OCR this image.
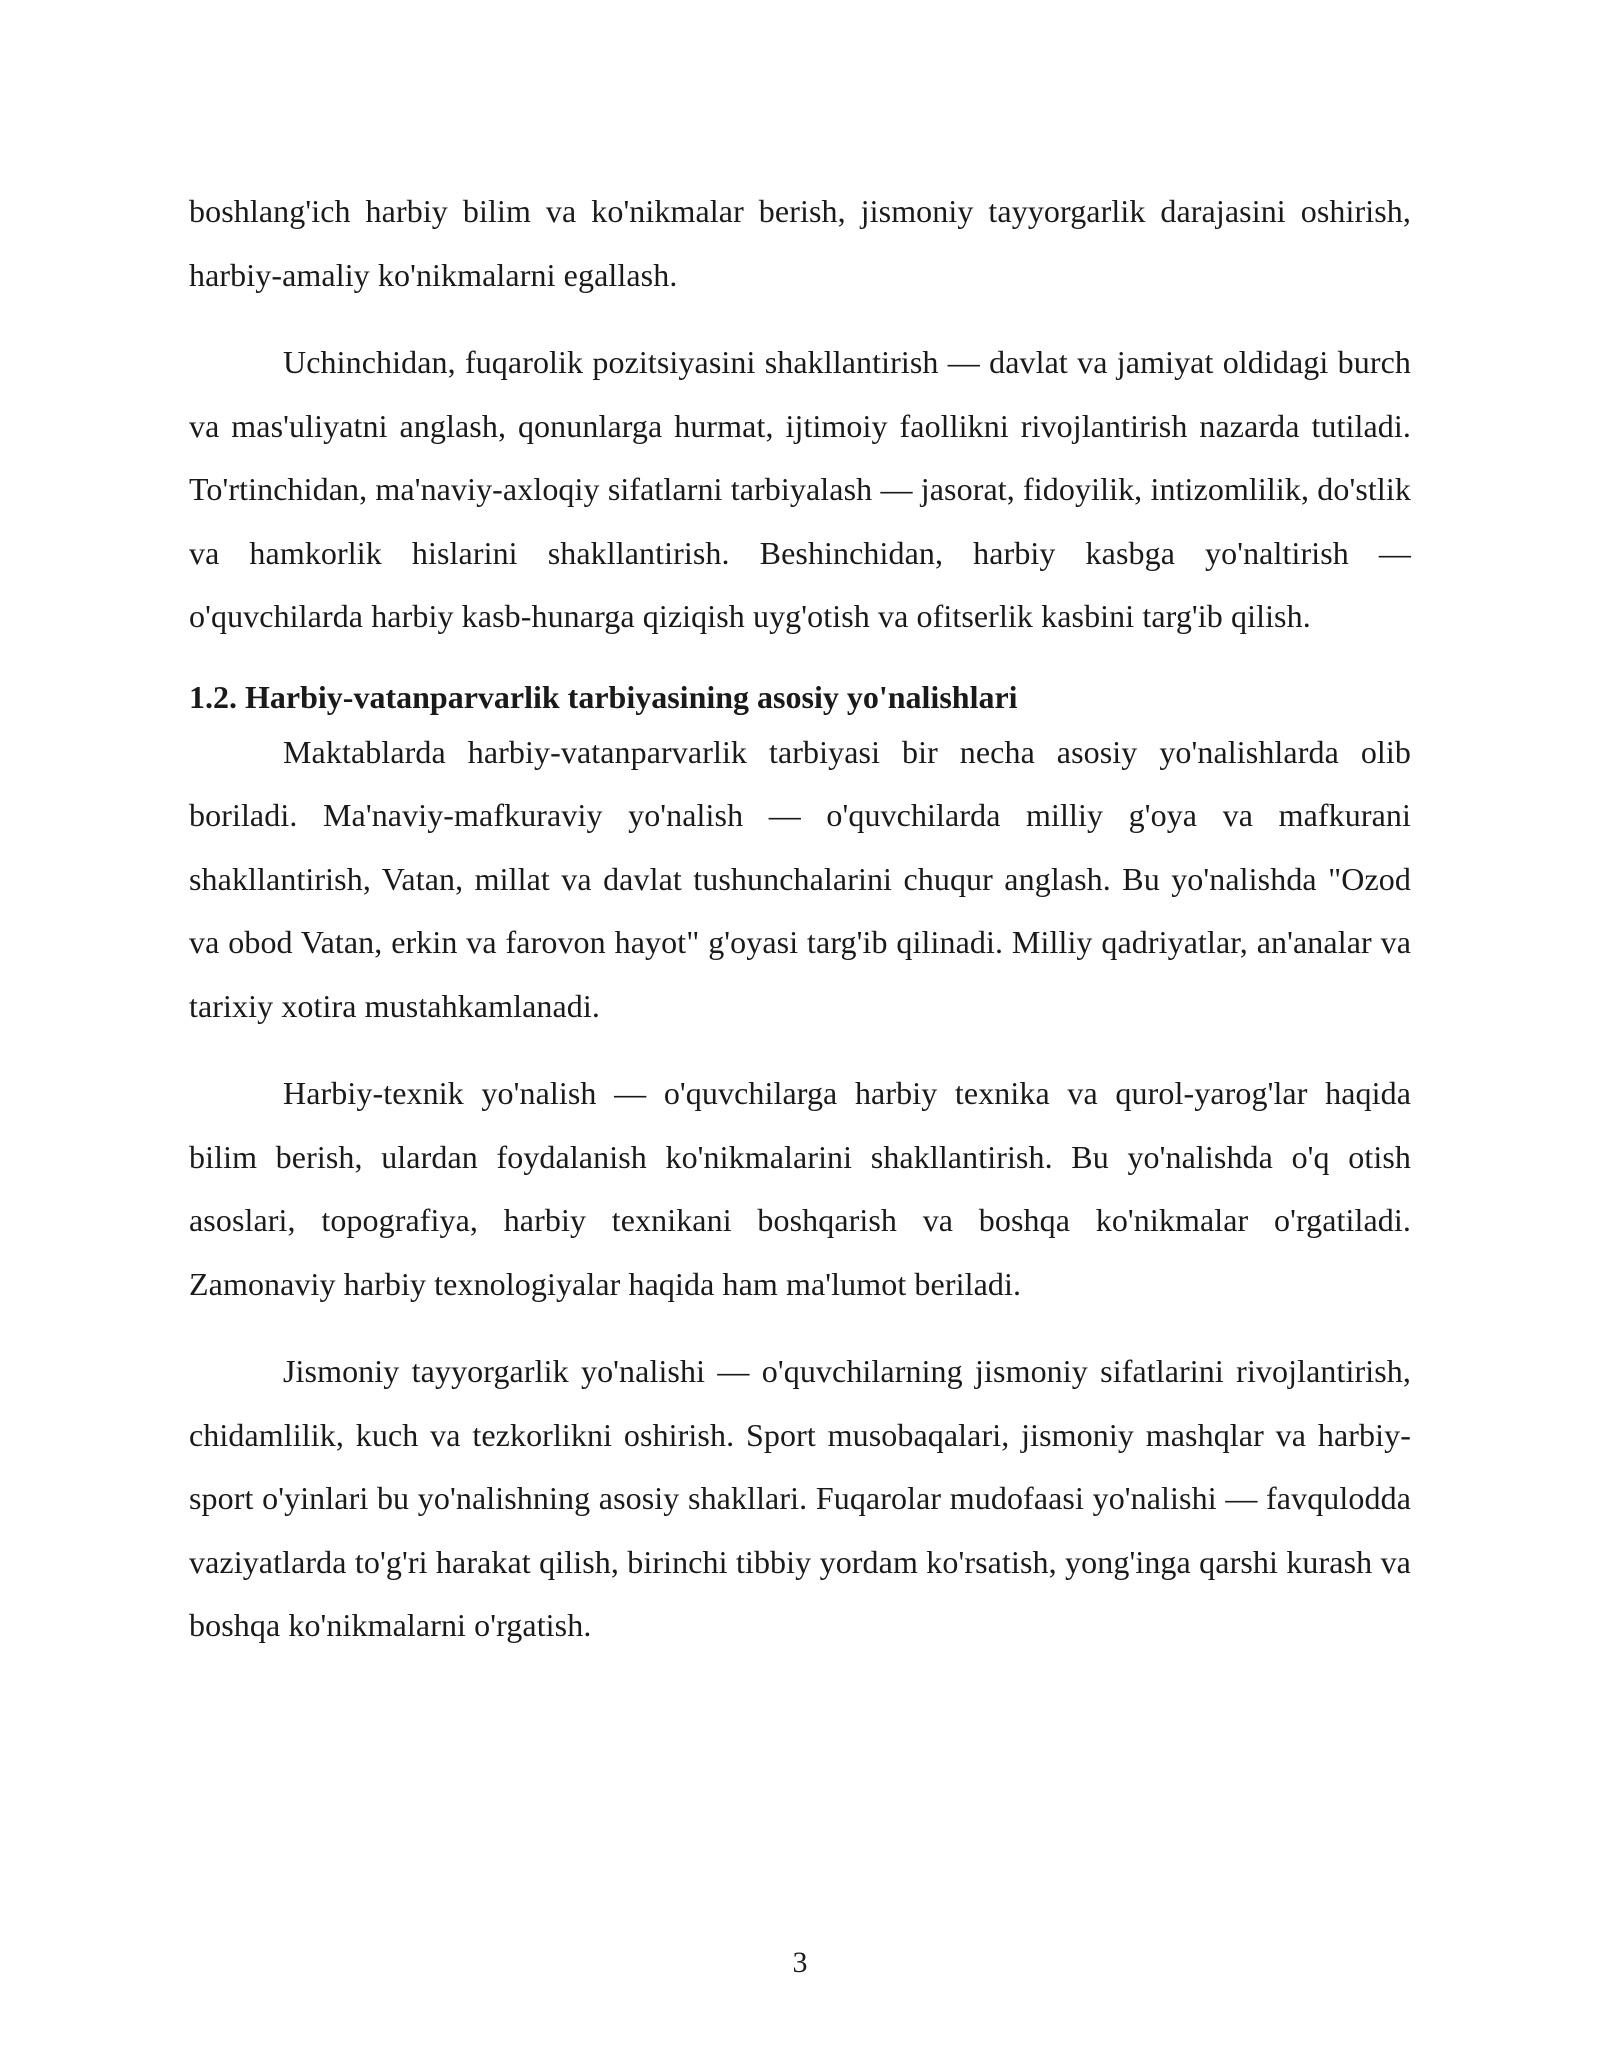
boshlang'ich harbiy bilim va ko'nikmalar berish, jismoniy tayyorgarlik darajasini oshirish, harbiy-amaliy ko'nikmalarni egallash.

Uchinchidan, fuqarolik pozitsiyasini shakllantirish — davlat va jamiyat oldidagi burch va mas'uliyatni anglash, qonunlarga hurmat, ijtimoiy faollikni rivojlantirish nazarda tutiladi. To'rtinchidan, ma'naviy-axloqiy sifatlarni tarbiyalash — jasorat, fidoyilik, intizomlilik, do'stlik va hamkorlik hislarini shakllantirish. Beshinchidan, harbiy kasbga yo'naltirish — o'quvchilarda harbiy kasb-hunarga qiziqish uyg'otish va ofitserlik kasbini targ'ib qilish.

1.2. Harbiy-vatanparvarlik tarbiyasining asosiy yo'nalishlari

Maktablarda harbiy-vatanparvarlik tarbiyasi bir necha asosiy yo'nalishlarda olib boriladi. Ma'naviy-mafkuraviy yo'nalish — o'quvchilarda milliy g'oya va mafkurani shakllantirish, Vatan, millat va davlat tushunchalarini chuqur anglash. Bu yo'nalishda "Ozod va obod Vatan, erkin va farovon hayot" g'oyasi targ'ib qilinadi. Milliy qadriyatlar, an'analar va tarixiy xotira mustahkamlanadi.

Harbiy-texnik yo'nalish — o'quvchilarga harbiy texnika va qurol-yarog'lar haqida bilim berish, ulardan foydalanish ko'nikmalarini shakllantirish. Bu yo'nalishda o'q otish asoslari, topografiya, harbiy texnikani boshqarish va boshqa ko'nikmalar o'rgatiladi. Zamonaviy harbiy texnologiyalar haqida ham ma'lumot beriladi.

Jismoniy tayyorgarlik yo'nalishi — o'quvchilarning jismoniy sifatlarini rivojlantirish, chidamlilik, kuch va tezkorlikni oshirish. Sport musobaqalari, jismoniy mashqlar va harbiy-sport o'yinlari bu yo'nalishning asosiy shakllari. Fuqarolar mudofaasi yo'nalishi — favqulodda vaziyatlarda to'g'ri harakat qilish, birinchi tibbiy yordam ko'rsatish, yong'inga qarshi kurash va boshqa ko'nikmalarni o'rgatish.

3
